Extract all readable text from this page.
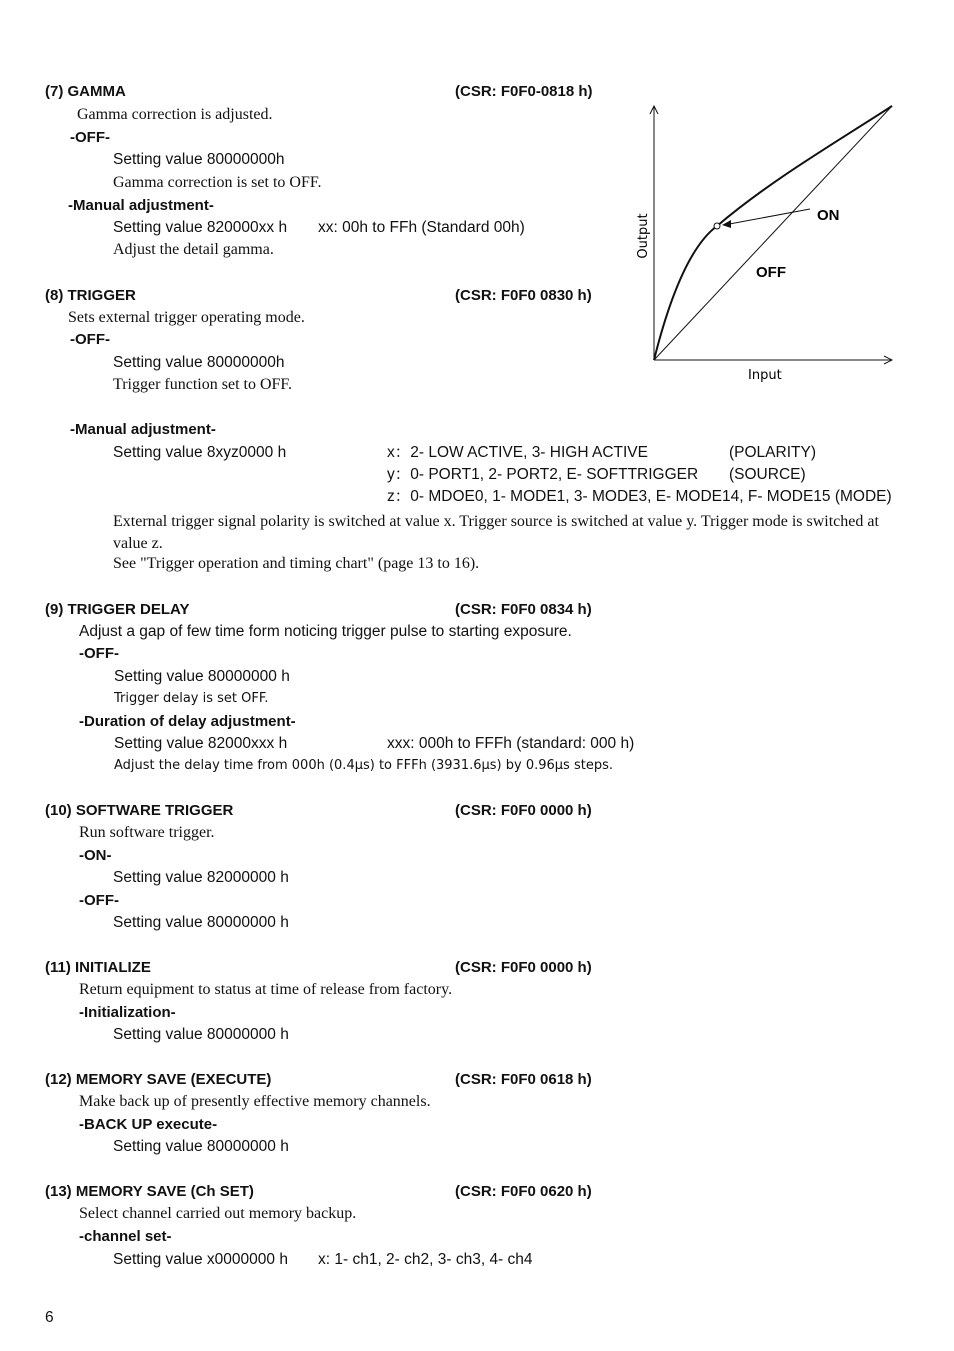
(7) GAMMA	(CSR: F0F0-0818 h)
Gamma correction is adjusted.
-OFF-
Setting value 80000000h
Gamma correction is set to OFF.
-Manual adjustment-
Setting value 820000xx h xx: 00h to FFh (Standard 00h)
Adjust the detail gamma.	Output
Input
ON
OFF
(8) TRIGGER	(CSR: F0F0 0830 h)
Sets external trigger operating mode.
-OFF-
Setting value 80000000h
Trigger function set to OFF.
-Manual adjustment-
Setting value 8xyz0000 h	x：2- LOW ACTIVE, 3- HIGH ACTIVE	(POLARITY)
y：0- PORT1, 2- PORT2, E- SOFTTRIGGER (SOURCE)
z：0- MDOE0, 1- MODE1, 3- MODE3, E- MODE14, F- MODE15 (MODE)
External trigger signal polarity is switched at value x. Trigger source is switched at value y. Trigger mode is switched at value z.
See "Trigger operation and timing chart" (page 13 to 16).
(9) TRIGGER DELAY	(CSR: F0F0 0834 h)
Adjust a gap of few time form noticing trigger pulse to starting exposure.
-OFF-
Setting value 80000000 h
Trigger delay is set OFF.
-Duration of delay adjustment-
Setting value 82000xxx h	xxx: 000h to FFFh (standard: 000 h)
Adjust the delay time from 000h (0.4μs) to FFFh (3931.6μs) by 0.96μs steps.
(10) SOFTWARE TRIGGER	(CSR: F0F0 0000 h)
Run software trigger.
-ON-
Setting value 82000000 h
-OFF-
Setting value 80000000 h
(11) INITIALIZE	(CSR: F0F0 0000 h)
Return equipment to status at time of release from factory.
-Initialization-
Setting value 80000000 h
(12) MEMORY SAVE (EXECUTE)	(CSR: F0F0 0618 h)
Make back up of presently effective memory channels.
-BACK UP execute-
Setting value 80000000 h
(13) MEMORY SAVE (Ch SET)	(CSR: F0F0 0620 h)
Select channel carried out memory backup.
-channel set-
Setting value x0000000 h x: 1- ch1, 2- ch2, 3- ch3, 4- ch4
6
